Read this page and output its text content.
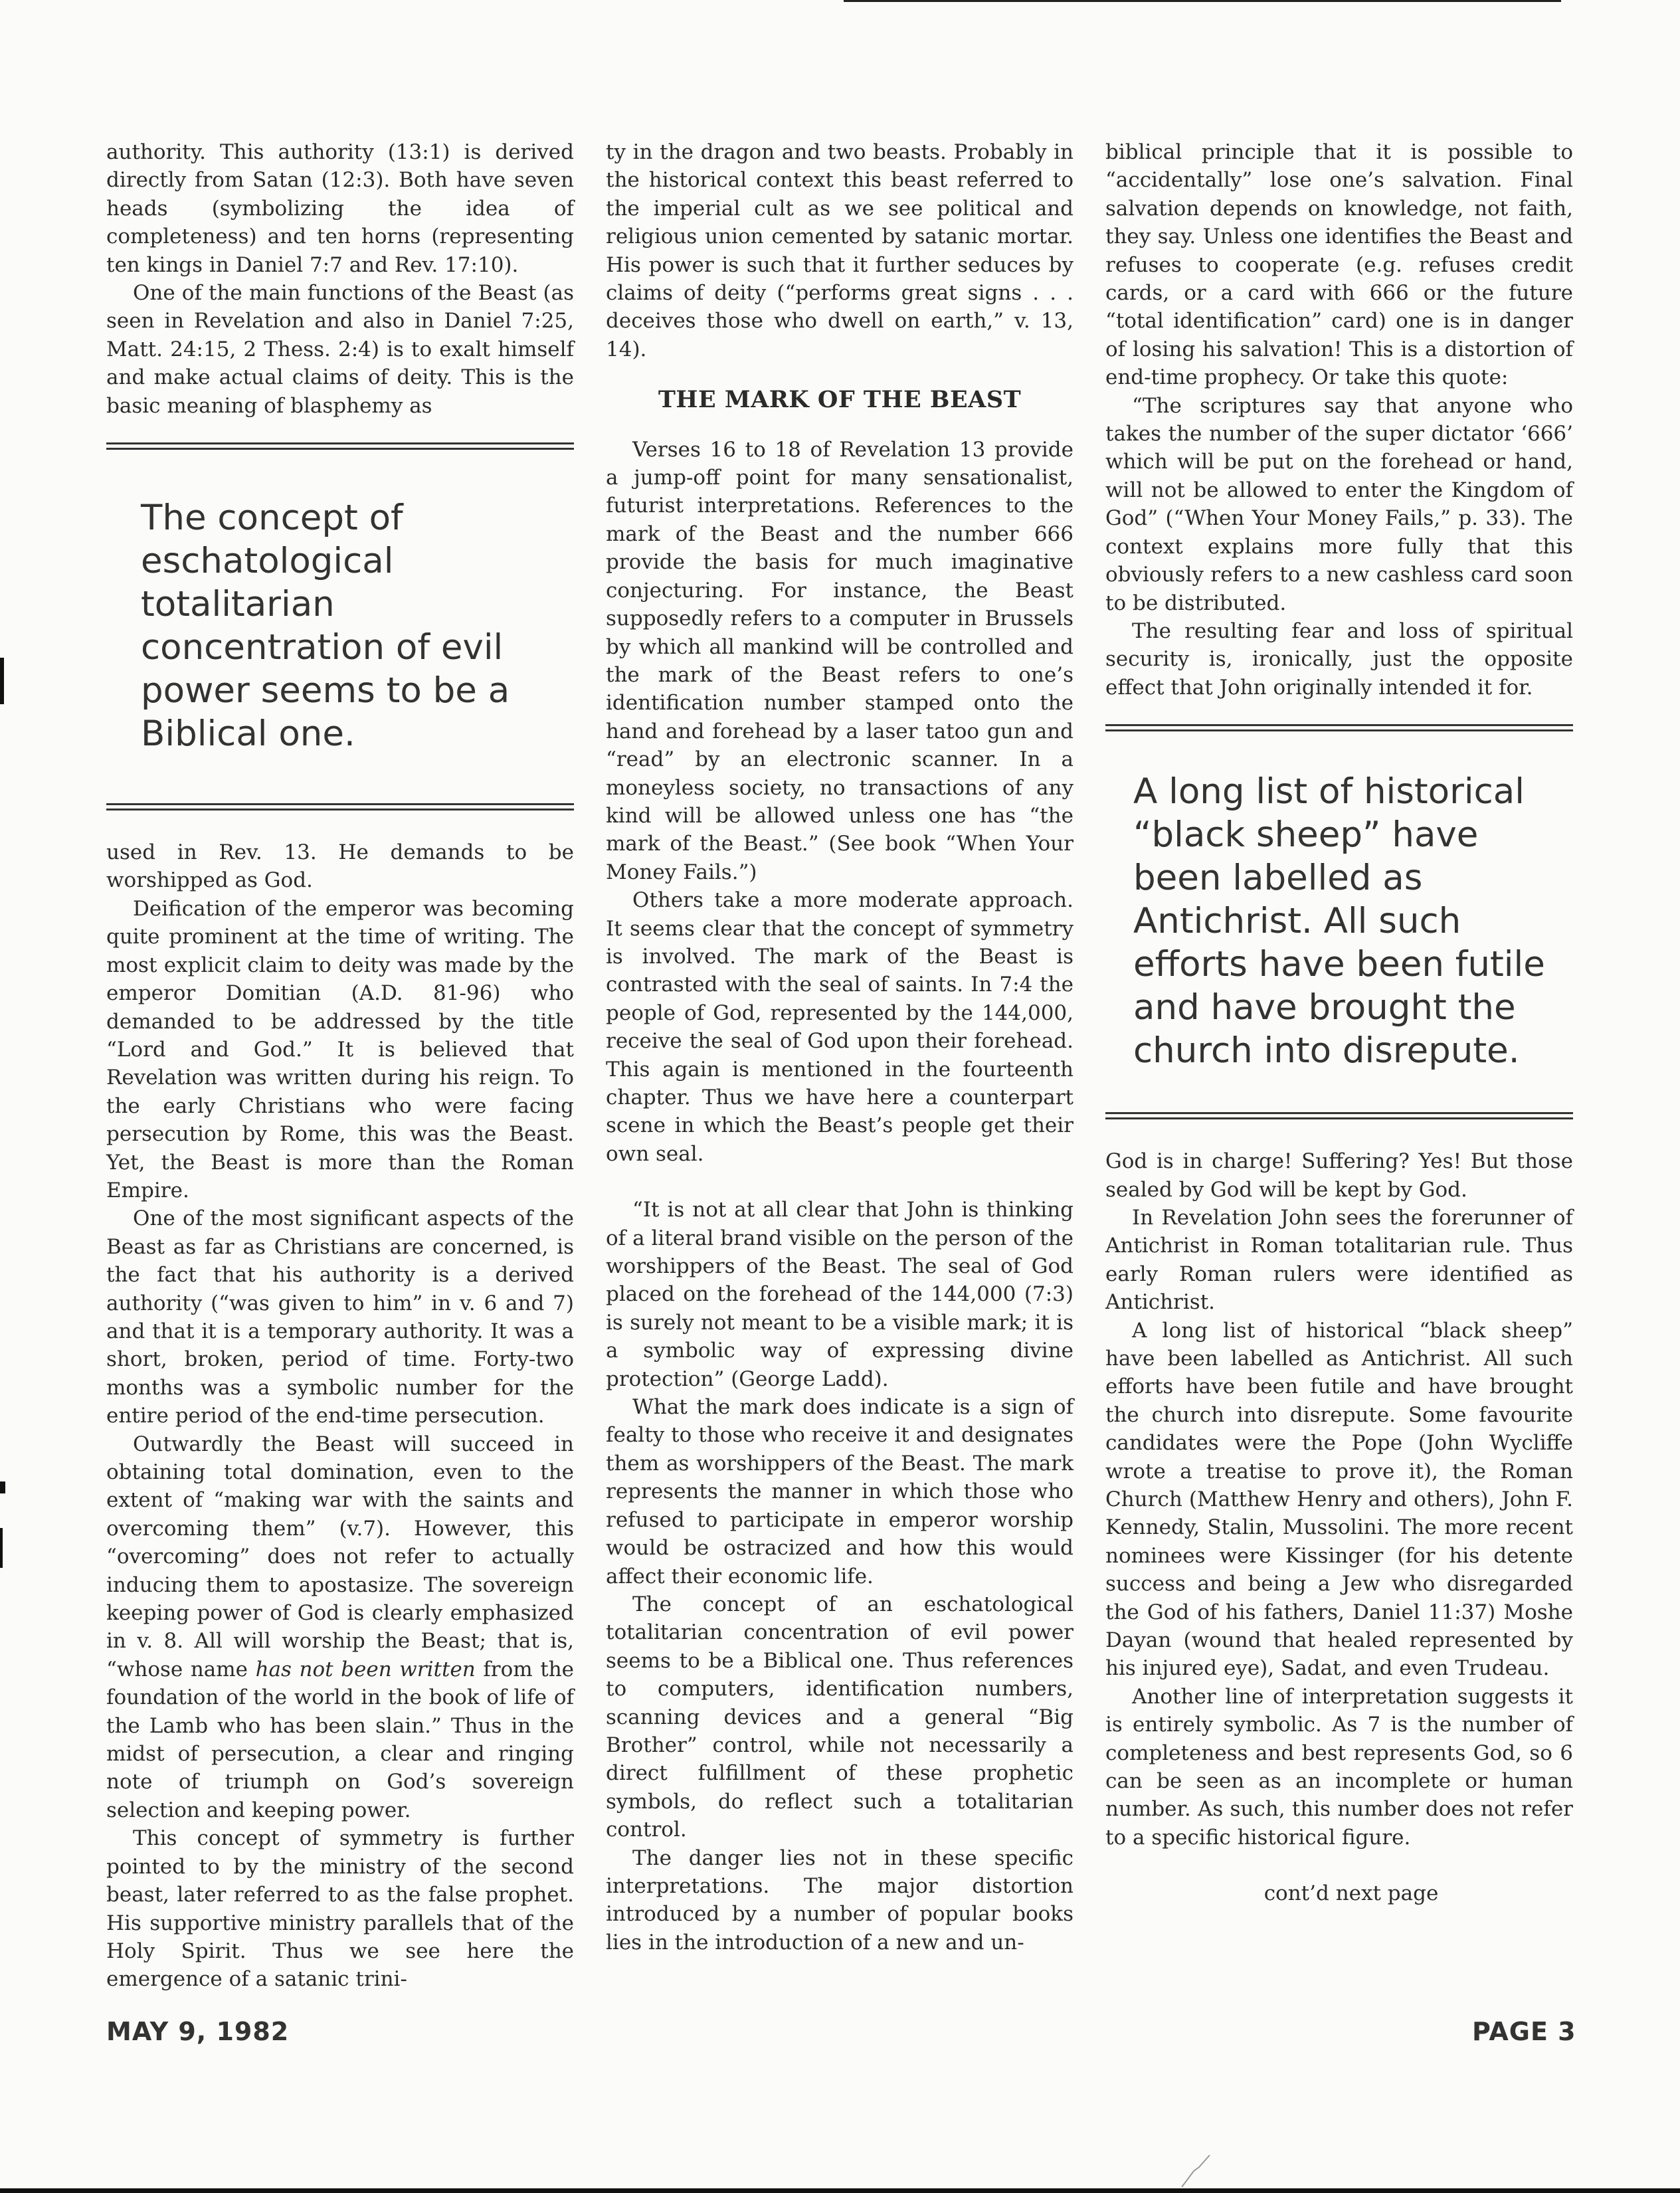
authority. This authority (13:1) is derived directly from Satan (12:3). Both have seven heads (symbolizing the idea of completeness) and ten horns (representing ten kings in Daniel 7:7 and Rev. 17:10).

One of the main functions of the Beast (as seen in Revelation and also in Daniel 7:25, Matt. 24:15, 2 Thess. 2:4) is to exalt himself and make actual claims of deity. This is the basic meaning of blasphemy as

The concept of eschatological totalitarian concentration of evil power seems to be a Biblical one.

used in Rev. 13. He demands to be worshipped as God.

Deification of the emperor was becoming quite prominent at the time of writing. The most explicit claim to deity was made by the emperor Domitian (A.D. 81-96) who demanded to be addressed by the title “Lord and God.” It is believed that Revelation was written during his reign. To the early Christians who were facing persecution by Rome, this was the Beast. Yet, the Beast is more than the Roman Empire.

One of the most significant aspects of the Beast as far as Christians are concerned, is the fact that his authority is a derived authority (“was given to him” in v. 6 and 7) and that it is a temporary authority. It was a short, broken, period of time. Forty-two months was a symbolic number for the entire period of the end-time persecution.

Outwardly the Beast will succeed in obtaining total domination, even to the extent of “making war with the saints and overcoming them” (v.7). However, this “overcoming” does not refer to actually inducing them to apostasize. The sovereign keeping power of God is clearly emphasized in v. 8. All will worship the Beast; that is, “whose name has not been written from the foundation of the world in the book of life of the Lamb who has been slain.” Thus in the midst of persecution, a clear and ringing note of triumph on God’s sovereign selection and keeping power.

This concept of symmetry is further pointed to by the ministry of the second beast, later referred to as the false prophet. His supportive ministry parallels that of the Holy Spirit. Thus we see here the emergence of a satanic trini-

ty in the dragon and two beasts. Probably in the historical context this beast referred to the imperial cult as we see political and religious union cemented by satanic mortar. His power is such that it further seduces by claims of deity (“performs great signs . . . deceives those who dwell on earth,” v. 13, 14).

THE MARK OF THE BEAST

Verses 16 to 18 of Revelation 13 provide a jump-off point for many sensationalist, futurist interpretations. References to the mark of the Beast and the number 666 provide the basis for much imaginative conjecturing. For instance, the Beast supposedly refers to a computer in Brussels by which all mankind will be controlled and the mark of the Beast refers to one’s identification number stamped onto the hand and forehead by a laser tatoo gun and “read” by an electronic scanner. In a moneyless society, no transactions of any kind will be allowed unless one has “the mark of the Beast.” (See book “When Your Money Fails.”)

Others take a more moderate approach. It seems clear that the concept of symmetry is involved. The mark of the Beast is contrasted with the seal of saints. In 7:4 the people of God, represented by the 144,000, receive the seal of God upon their forehead. This again is mentioned in the fourteenth chapter. Thus we have here a counterpart scene in which the Beast’s people get their own seal.

“It is not at all clear that John is thinking of a literal brand visible on the person of the worshippers of the Beast. The seal of God placed on the forehead of the 144,000 (7:3) is surely not meant to be a visible mark; it is a symbolic way of expressing divine protection” (George Ladd).

What the mark does indicate is a sign of fealty to those who receive it and designates them as worshippers of the Beast. The mark represents the manner in which those who refused to participate in emperor worship would be ostracized and how this would affect their economic life.

The concept of an eschatological totalitarian concentration of evil power seems to be a Biblical one. Thus references to computers, identification numbers, scanning devices and a general “Big Brother” control, while not necessarily a direct fulfillment of these prophetic symbols, do reflect such a totalitarian control.

The danger lies not in these specific interpretations. The major distortion introduced by a number of popular books lies in the introduction of a new and un-

biblical principle that it is possible to “accidentally” lose one’s salvation. Final salvation depends on knowledge, not faith, they say. Unless one identifies the Beast and refuses to cooperate (e.g. refuses credit cards, or a card with 666 or the future “total identification” card) one is in danger of losing his salvation! This is a distortion of end-time prophecy. Or take this quote:

“The scriptures say that anyone who takes the number of the super dictator ‘666’ which will be put on the forehead or hand, will not be allowed to enter the Kingdom of God” (“When Your Money Fails,” p. 33). The context explains more fully that this obviously refers to a new cashless card soon to be distributed.

The resulting fear and loss of spiritual security is, ironically, just the opposite effect that John originally intended it for.

A long list of historical “black sheep” have been labelled as Antichrist. All such efforts have been futile and have brought the church into disrepute.

God is in charge! Suffering? Yes! But those sealed by God will be kept by God.

In Revelation John sees the forerunner of Antichrist in Roman totalitarian rule. Thus early Roman rulers were identified as Antichrist.

A long list of historical “black sheep” have been labelled as Antichrist. All such efforts have been futile and have brought the church into disrepute. Some favourite candidates were the Pope (John Wycliffe wrote a treatise to prove it), the Roman Church (Matthew Henry and others), John F. Kennedy, Stalin, Mussolini. The more recent nominees were Kissinger (for his detente success and being a Jew who disregarded the God of his fathers, Daniel 11:37) Moshe Dayan (wound that healed represented by his injured eye), Sadat, and even Trudeau.

Another line of interpretation suggests it is entirely symbolic. As 7 is the number of completeness and best represents God, so 6 can be seen as an incomplete or human number. As such, this number does not refer to a specific historical figure.

cont’d next page
MAY 9, 1982	PAGE 3
